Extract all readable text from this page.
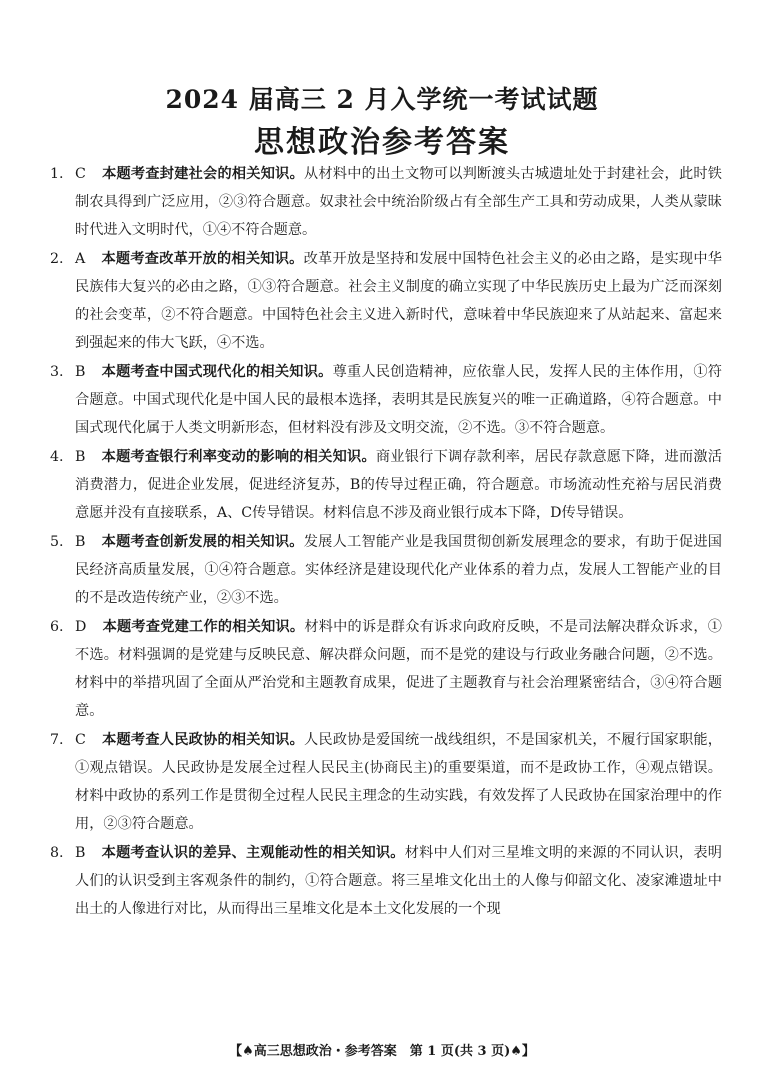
2024 届高三 2 月入学统一考试试题
思想政治参考答案
1. C 本题考查封建社会的相关知识。从材料中的出土文物可以判断渡头古城遗址处于封建社会，此时铁制农具得到广泛应用，②③符合题意。奴隶社会中统治阶级占有全部生产工具和劳动成果，人类从蒙昧时代进入文明时代，①④不符合题意。
2. A 本题考查改革开放的相关知识。改革开放是坚持和发展中国特色社会主义的必由之路，是实现中华民族伟大复兴的必由之路，①③符合题意。社会主义制度的确立实现了中华民族历史上最为广泛而深刻的社会变革，②不符合题意。中国特色社会主义进入新时代，意味着中华民族迎来了从站起来、富起来到强起来的伟大飞跃，④不选。
3. B 本题考查中国式现代化的相关知识。尊重人民创造精神，应依靠人民，发挥人民的主体作用，①符合题意。中国式现代化是中国人民的最根本选择，表明其是民族复兴的唯一正确道路，④符合题意。中国式现代化属于人类文明新形态，但材料没有涉及文明交流，②不选。③不符合题意。
4. B 本题考查银行利率变动的影响的相关知识。商业银行下调存款利率，居民存款意愿下降，进而激活消费潜力，促进企业发展，促进经济复苏，B的传导过程正确，符合题意。市场流动性充裕与居民消费意愿并没有直接联系，A、C传导错误。材料信息不涉及商业银行成本下降，D传导错误。
5. B 本题考查创新发展的相关知识。发展人工智能产业是我国贯彻创新发展理念的要求，有助于促进国民经济高质量发展，①④符合题意。实体经济是建设现代化产业体系的着力点，发展人工智能产业的目的不是改造传统产业，②③不选。
6. D 本题考查党建工作的相关知识。材料中的诉是群众有诉求向政府反映，不是司法解决群众诉求，①不选。材料强调的是党建与反映民意、解决群众问题，而不是党的建设与行政业务融合问题，②不选。材料中的举措巩固了全面从严治党和主题教育成果，促进了主题教育与社会治理紧密结合，③④符合题意。
7. C 本题考查人民政协的相关知识。人民政协是爱国统一战线组织，不是国家机关，不履行国家职能，①观点错误。人民政协是发展全过程人民民主(协商民主)的重要渠道，而不是政协工作，④观点错误。材料中政协的系列工作是贯彻全过程人民民主理念的生动实践，有效发挥了人民政协在国家治理中的作用，②③符合题意。
8. B 本题考查认识的差异、主观能动性的相关知识。材料中人们对三星堆文明的来源的不同认识，表明人们的认识受到主客观条件的制约，①符合题意。将三星堆文化出土的人像与仰韶文化、凌家滩遗址中出土的人像进行对比，从而得出三星堆文化是本土文化发展的一个现
【♠高三思想政治・参考答案　第 1 页(共 3 页)♠】
